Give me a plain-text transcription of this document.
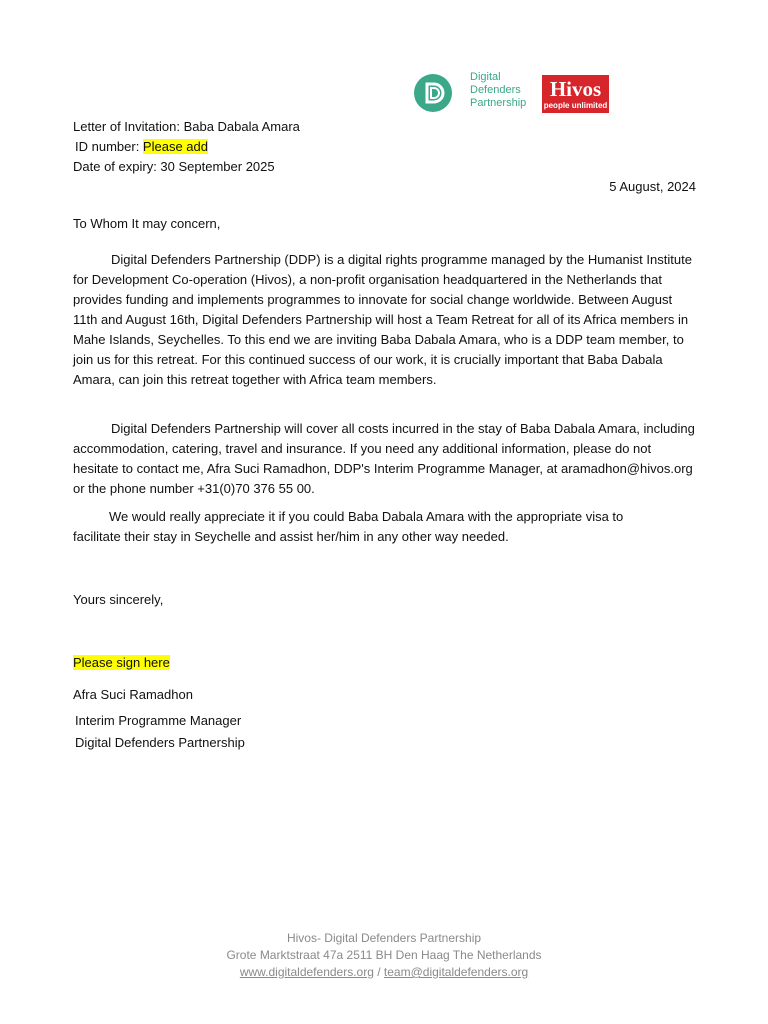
Digital
Defenders
Partnership
Hivos
people unlimited
Letter of Invitation: Baba Dabala Amara
ID number: Please add
Date of expiry: 30 September 2025
5 August, 2024
To Whom It may concern,

Digital Defenders Partnership (DDP) is a digital rights programme managed by the Humanist Institute for Development Co-operation (Hivos), a non-profit organisation headquartered in the Netherlands that provides funding and implements programmes to innovate for social change worldwide. Between August 11th and August 16th, Digital Defenders Partnership will host a Team Retreat for all of its Africa members in Mahe Islands, Seychelles. To this end we are inviting Baba Dabala Amara, who is a DDP team member, to join us for this retreat. For this continued success of our work, it is crucially important that Baba Dabala Amara, can join this retreat together with Africa team members.

Digital Defenders Partnership will cover all costs incurred in the stay of Baba Dabala Amara, including accommodation, catering, travel and insurance. If you need any additional information, please do not hesitate to contact me, Afra Suci Ramadhon, DDP's Interim Programme Manager, at aramadhon@hivos.org or the phone number +31(0)70 376 55 00.

We would really appreciate it if you could Baba Dabala Amara with the appropriate visa to facilitate their stay in Seychelle and assist her/him in any other way needed.

Yours sincerely,
Please sign here
Afra Suci Ramadhon
Interim Programme Manager
Digital Defenders Partnership
Hivos- Digital Defenders Partnership
Grote Marktstraat 47a 2511 BH Den Haag The Netherlands
www.digitaldefenders.org / team@digitaldefenders.org
